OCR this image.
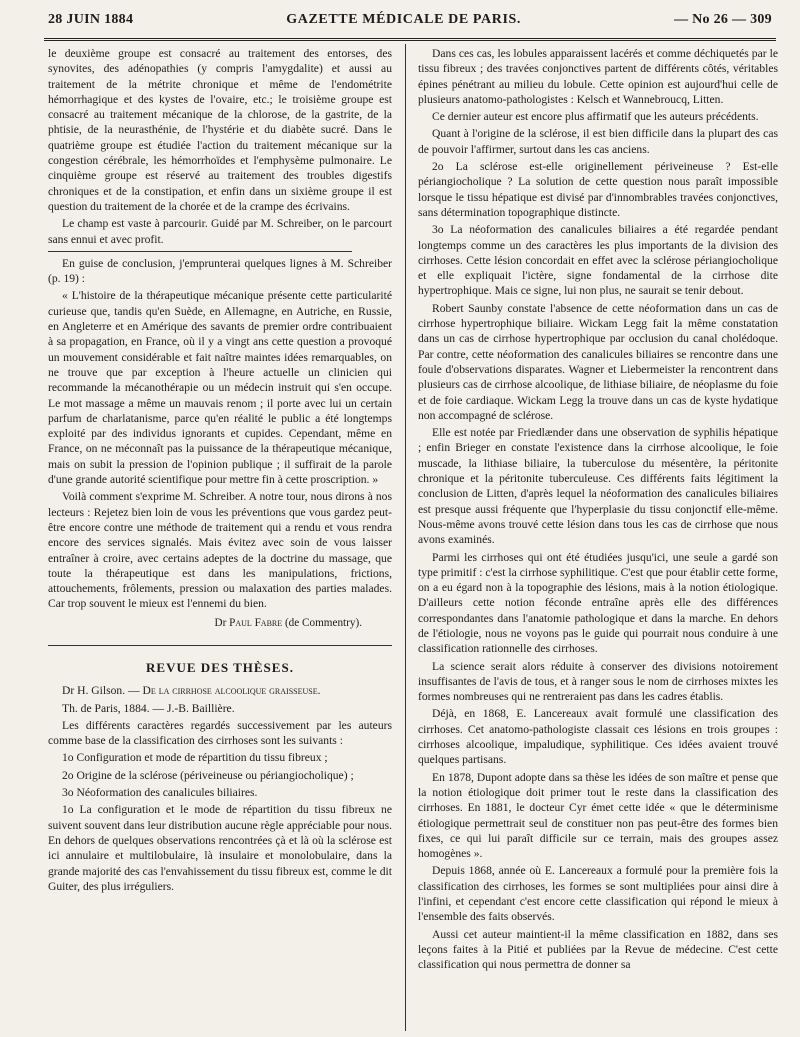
28 JUIN 1884	GAZETTE MÉDICALE DE PARIS.	— No 26 — 309

le deuxième groupe est consacré au traitement des entorses, des synovites, des adénopathies (y compris l'amygdalite) et aussi au traitement de la métrite chronique et même de l'endométrite hémorrhagique et des kystes de l'ovaire, etc.; le troisième groupe est consacré au traitement mécanique de la chlorose, de la gastrite, de la phtisie, de la neurasthénie, de l'hystérie et du diabète sucré. Dans le quatrième groupe est étudiée l'action du traitement mécanique sur la congestion cérébrale, les hémorrhoïdes et l'emphysème pulmonaire. Le cinquième groupe est réservé au traitement des troubles digestifs chroniques et de la constipation, et enfin dans un sixième groupe il est question du traitement de la chorée et de la crampe des écrivains.

Le champ est vaste à parcourir. Guidé par M. Schreiber, on le parcourt sans ennui et avec profit.

En guise de conclusion, j'emprunterai quelques lignes à M. Schreiber (p. 19) :

« L'histoire de la thérapeutique mécanique présente cette particularité curieuse que, tandis qu'en Suède, en Allemagne, en Autriche, en Russie, en Angleterre et en Amérique des savants de premier ordre contribuaient à sa propagation, en France, où il y a vingt ans cette question a provoqué un mouvement considérable et fait naître maintes idées remarquables, on ne trouve que par exception à l'heure actuelle un clinicien qui recommande la mécanothérapie ou un médecin instruit qui s'en occupe. Le mot massage a même un mauvais renom ; il porte avec lui un certain parfum de charlatanisme, parce qu'en réalité le public a été longtemps exploité par des individus ignorants et cupides. Cependant, même en France, on ne méconnaît pas la puissance de la thérapeutique mécanique, mais on subit la pression de l'opinion publique ; il suffirait de la parole d'une grande autorité scientifique pour mettre fin à cette proscription. »

Voilà comment s'exprime M. Schreiber. A notre tour, nous dirons à nos lecteurs : Rejetez bien loin de vous les préventions que vous gardez peut-être encore contre une méthode de traitement qui a rendu et vous rendra encore des services signalés. Mais évitez avec soin de vous laisser entraîner à croire, avec certains adeptes de la doctrine du massage, que toute la thérapeutique est dans les manipulations, frictions, attouchements, frôlements, pression ou malaxation des parties malades. Car trop souvent le mieux est l'ennemi du bien.

Dr Paul Fabre (de Commentry).

REVUE DES THÈSES.

Dr H. Gilson. — De la cirrhose alcoolique graisseuse.

Th. de Paris, 1884. — J.-B. Baillière.

Les différents caractères regardés successivement par les auteurs comme base de la classification des cirrhoses sont les suivants :

1o Configuration et mode de répartition du tissu fibreux ;

2o Origine de la sclérose (périveineuse ou périangiocholique) ;

3o Néoformation des canalicules biliaires.

1o La configuration et le mode de répartition du tissu fibreux ne suivent souvent dans leur distribution aucune règle appréciable pour nous. En dehors de quelques observations rencontrées çà et là où la sclérose est ici annulaire et multilobulaire, là insulaire et monolobulaire, dans la grande majorité des cas l'envahissement du tissu fibreux est, comme le dit Guiter, des plus irréguliers.

Dans ces cas, les lobules apparaissent lacérés et comme déchiquetés par le tissu fibreux ; des travées conjonctives partent de différents côtés, véritables épines pénétrant au milieu du lobule. Cette opinion est aujourd'hui celle de plusieurs anatomo-pathologistes : Kelsch et Wannebroucq, Litten.

Ce dernier auteur est encore plus affirmatif que les auteurs précédents.

Quant à l'origine de la sclérose, il est bien difficile dans la plupart des cas de pouvoir l'affirmer, surtout dans les cas anciens.

2o La sclérose est-elle originellement périveineuse ? Est-elle périangiocholique ? La solution de cette question nous paraît impossible lorsque le tissu hépatique est divisé par d'innombrables travées conjonctives, sans détermination topographique distincte.

3o La néoformation des canalicules biliaires a été regardée pendant longtemps comme un des caractères les plus importants de la division des cirrhoses. Cette lésion concordait en effet avec la sclérose périangiocholique et elle expliquait l'ictère, signe fondamental de la cirrhose dite hypertrophique. Mais ce signe, lui non plus, ne saurait se tenir debout.

Robert Saunby constate l'absence de cette néoformation dans un cas de cirrhose hypertrophique biliaire. Wickam Legg fait la même constatation dans un cas de cirrhose hypertrophique par occlusion du canal cholédoque. Par contre, cette néoformation des canalicules biliaires se rencontre dans une foule d'observations disparates. Wagner et Liebermeister la rencontrent dans plusieurs cas de cirrhose alcoolique, de lithiase biliaire, de néoplasme du foie et de foie cardiaque. Wickam Legg la trouve dans un cas de kyste hydatique non accompagné de sclérose.

Elle est notée par Friedlænder dans une observation de syphilis hépatique ; enfin Brieger en constate l'existence dans la cirrhose alcoolique, le foie muscade, la lithiase biliaire, la tuberculose du mésentère, la péritonite chronique et la péritonite tuberculeuse. Ces différents faits légitiment la conclusion de Litten, d'après lequel la néoformation des canalicules biliaires est presque aussi fréquente que l'hyperplasie du tissu conjonctif elle-même. Nous-même avons trouvé cette lésion dans tous les cas de cirrhose que nous avons examinés.

Parmi les cirrhoses qui ont été étudiées jusqu'ici, une seule a gardé son type primitif : c'est la cirrhose syphilitique. C'est que pour établir cette forme, on a eu égard non à la topographie des lésions, mais à la notion étiologique. D'ailleurs cette notion féconde entraîne après elle des différences correspondantes dans l'anatomie pathologique et dans la marche. En dehors de l'étiologie, nous ne voyons pas le guide qui pourrait nous conduire à une classification rationnelle des cirrhoses.

La science serait alors réduite à conserver des divisions notoirement insuffisantes de l'avis de tous, et à ranger sous le nom de cirrhoses mixtes les formes nombreuses qui ne rentreraient pas dans les cadres établis.

Déjà, en 1868, E. Lancereaux avait formulé une classification des cirrhoses. Cet anatomo-pathologiste classait ces lésions en trois groupes : cirrhoses alcoolique, impaludique, syphilitique. Ces idées avaient trouvé quelques partisans.

En 1878, Dupont adopte dans sa thèse les idées de son maître et pense que la notion étiologique doit primer tout le reste dans la classification des cirrhoses. En 1881, le docteur Cyr émet cette idée « que le déterminisme étiologique permettrait seul de constituer non pas peut-être des formes bien fixes, ce qui lui paraît difficile sur ce terrain, mais des groupes assez homogènes ».

Depuis 1868, année où E. Lancereaux a formulé pour la première fois la classification des cirrhoses, les formes se sont multipliées pour ainsi dire à l'infini, et cependant c'est encore cette classification qui répond le mieux à l'ensemble des faits observés.

Aussi cet auteur maintient-il la même classification en 1882, dans ses leçons faites à la Pitié et publiées par la Revue de médecine. C'est cette classification qui nous permettra de donner sa
